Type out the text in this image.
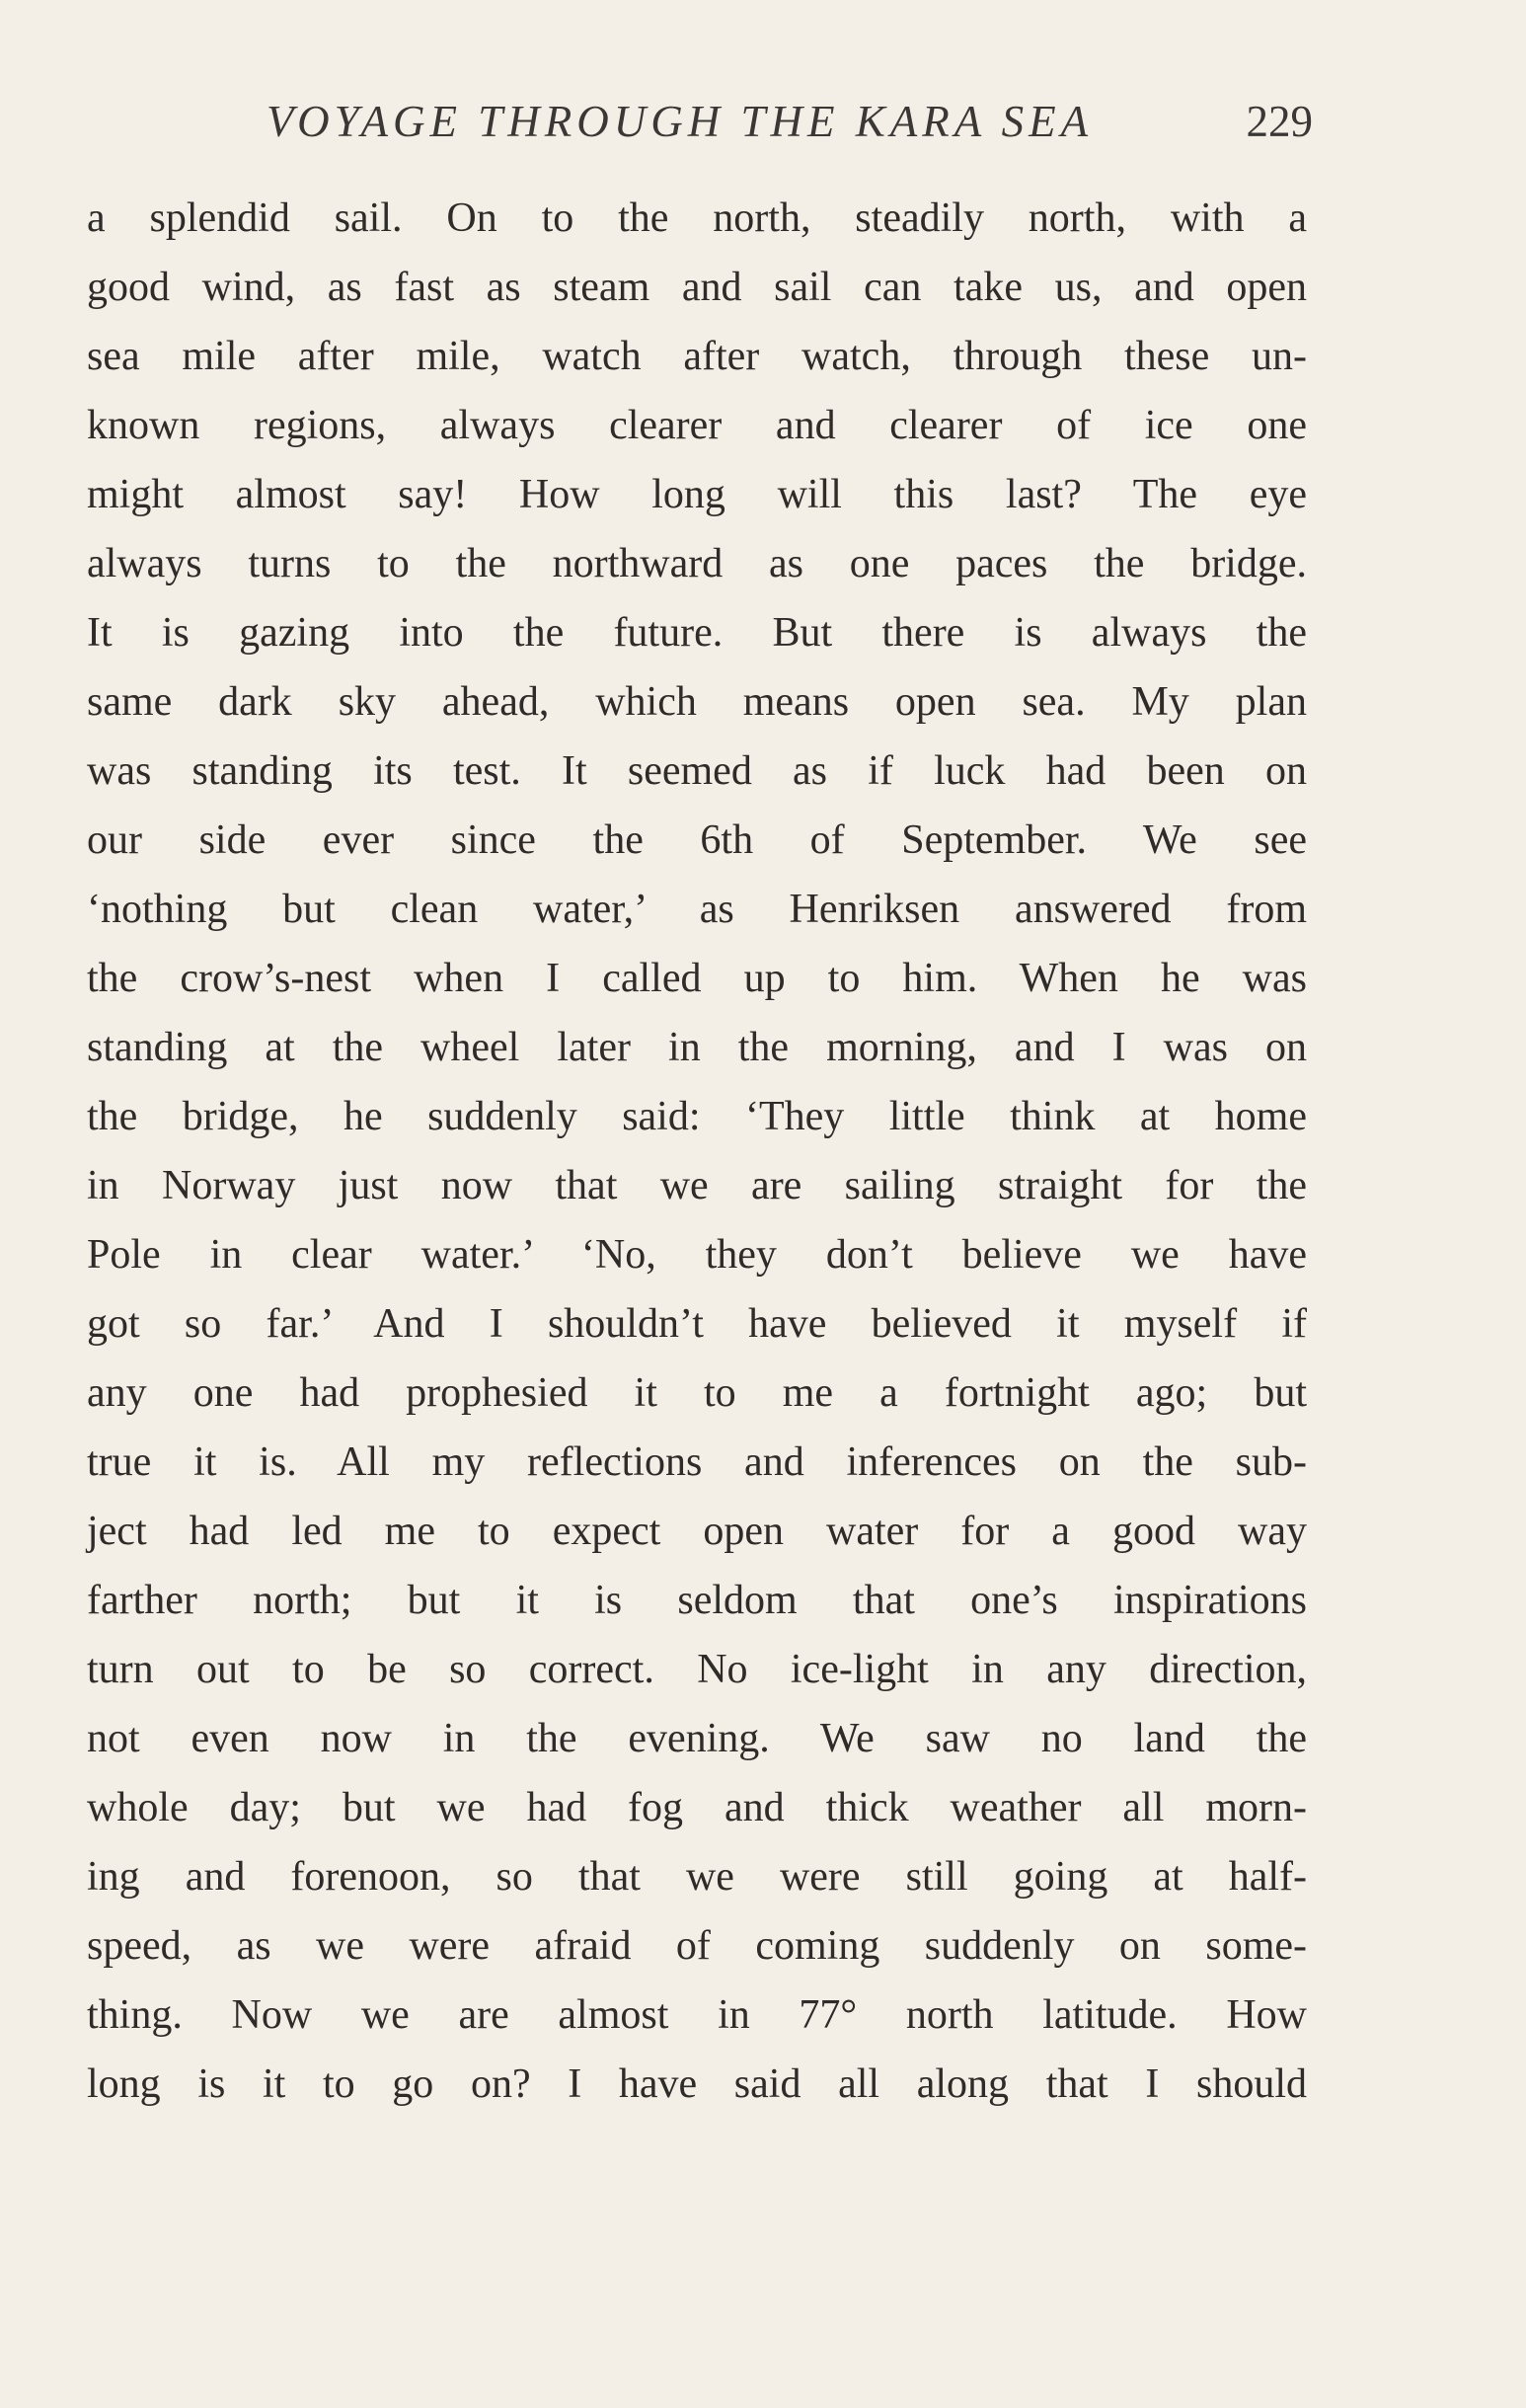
VOYAGE THROUGH THE KARA SEA	229
a splendid sail. On to the north, steadily north, with a
good wind, as fast as steam and sail can take us, and open
sea mile after mile, watch after watch, through these un-
known regions, always clearer and clearer of ice one
might almost say! How long will this last? The eye
always turns to the northward as one paces the bridge.
It is gazing into the future. But there is always the
same dark sky ahead, which means open sea. My plan
was standing its test. It seemed as if luck had been on
our side ever since the 6th of September. We see
‘nothing but clean water,’ as Henriksen answered from
the crow’s-nest when I called up to him. When he was
standing at the wheel later in the morning, and I was on
the bridge, he suddenly said: ‘They little think at home
in Norway just now that we are sailing straight for the
Pole in clear water.’ ‘No, they don’t believe we have
got so far.’ And I shouldn’t have believed it myself if
any one had prophesied it to me a fortnight ago; but
true it is. All my reflections and inferences on the sub-
ject had led me to expect open water for a good way
farther north; but it is seldom that one’s inspirations
turn out to be so correct. No ice-light in any direction,
not even now in the evening. We saw no land the
whole day; but we had fog and thick weather all morn-
ing and forenoon, so that we were still going at half-
speed, as we were afraid of coming suddenly on some-
thing. Now we are almost in 77° north latitude. How
long is it to go on? I have said all along that I should
